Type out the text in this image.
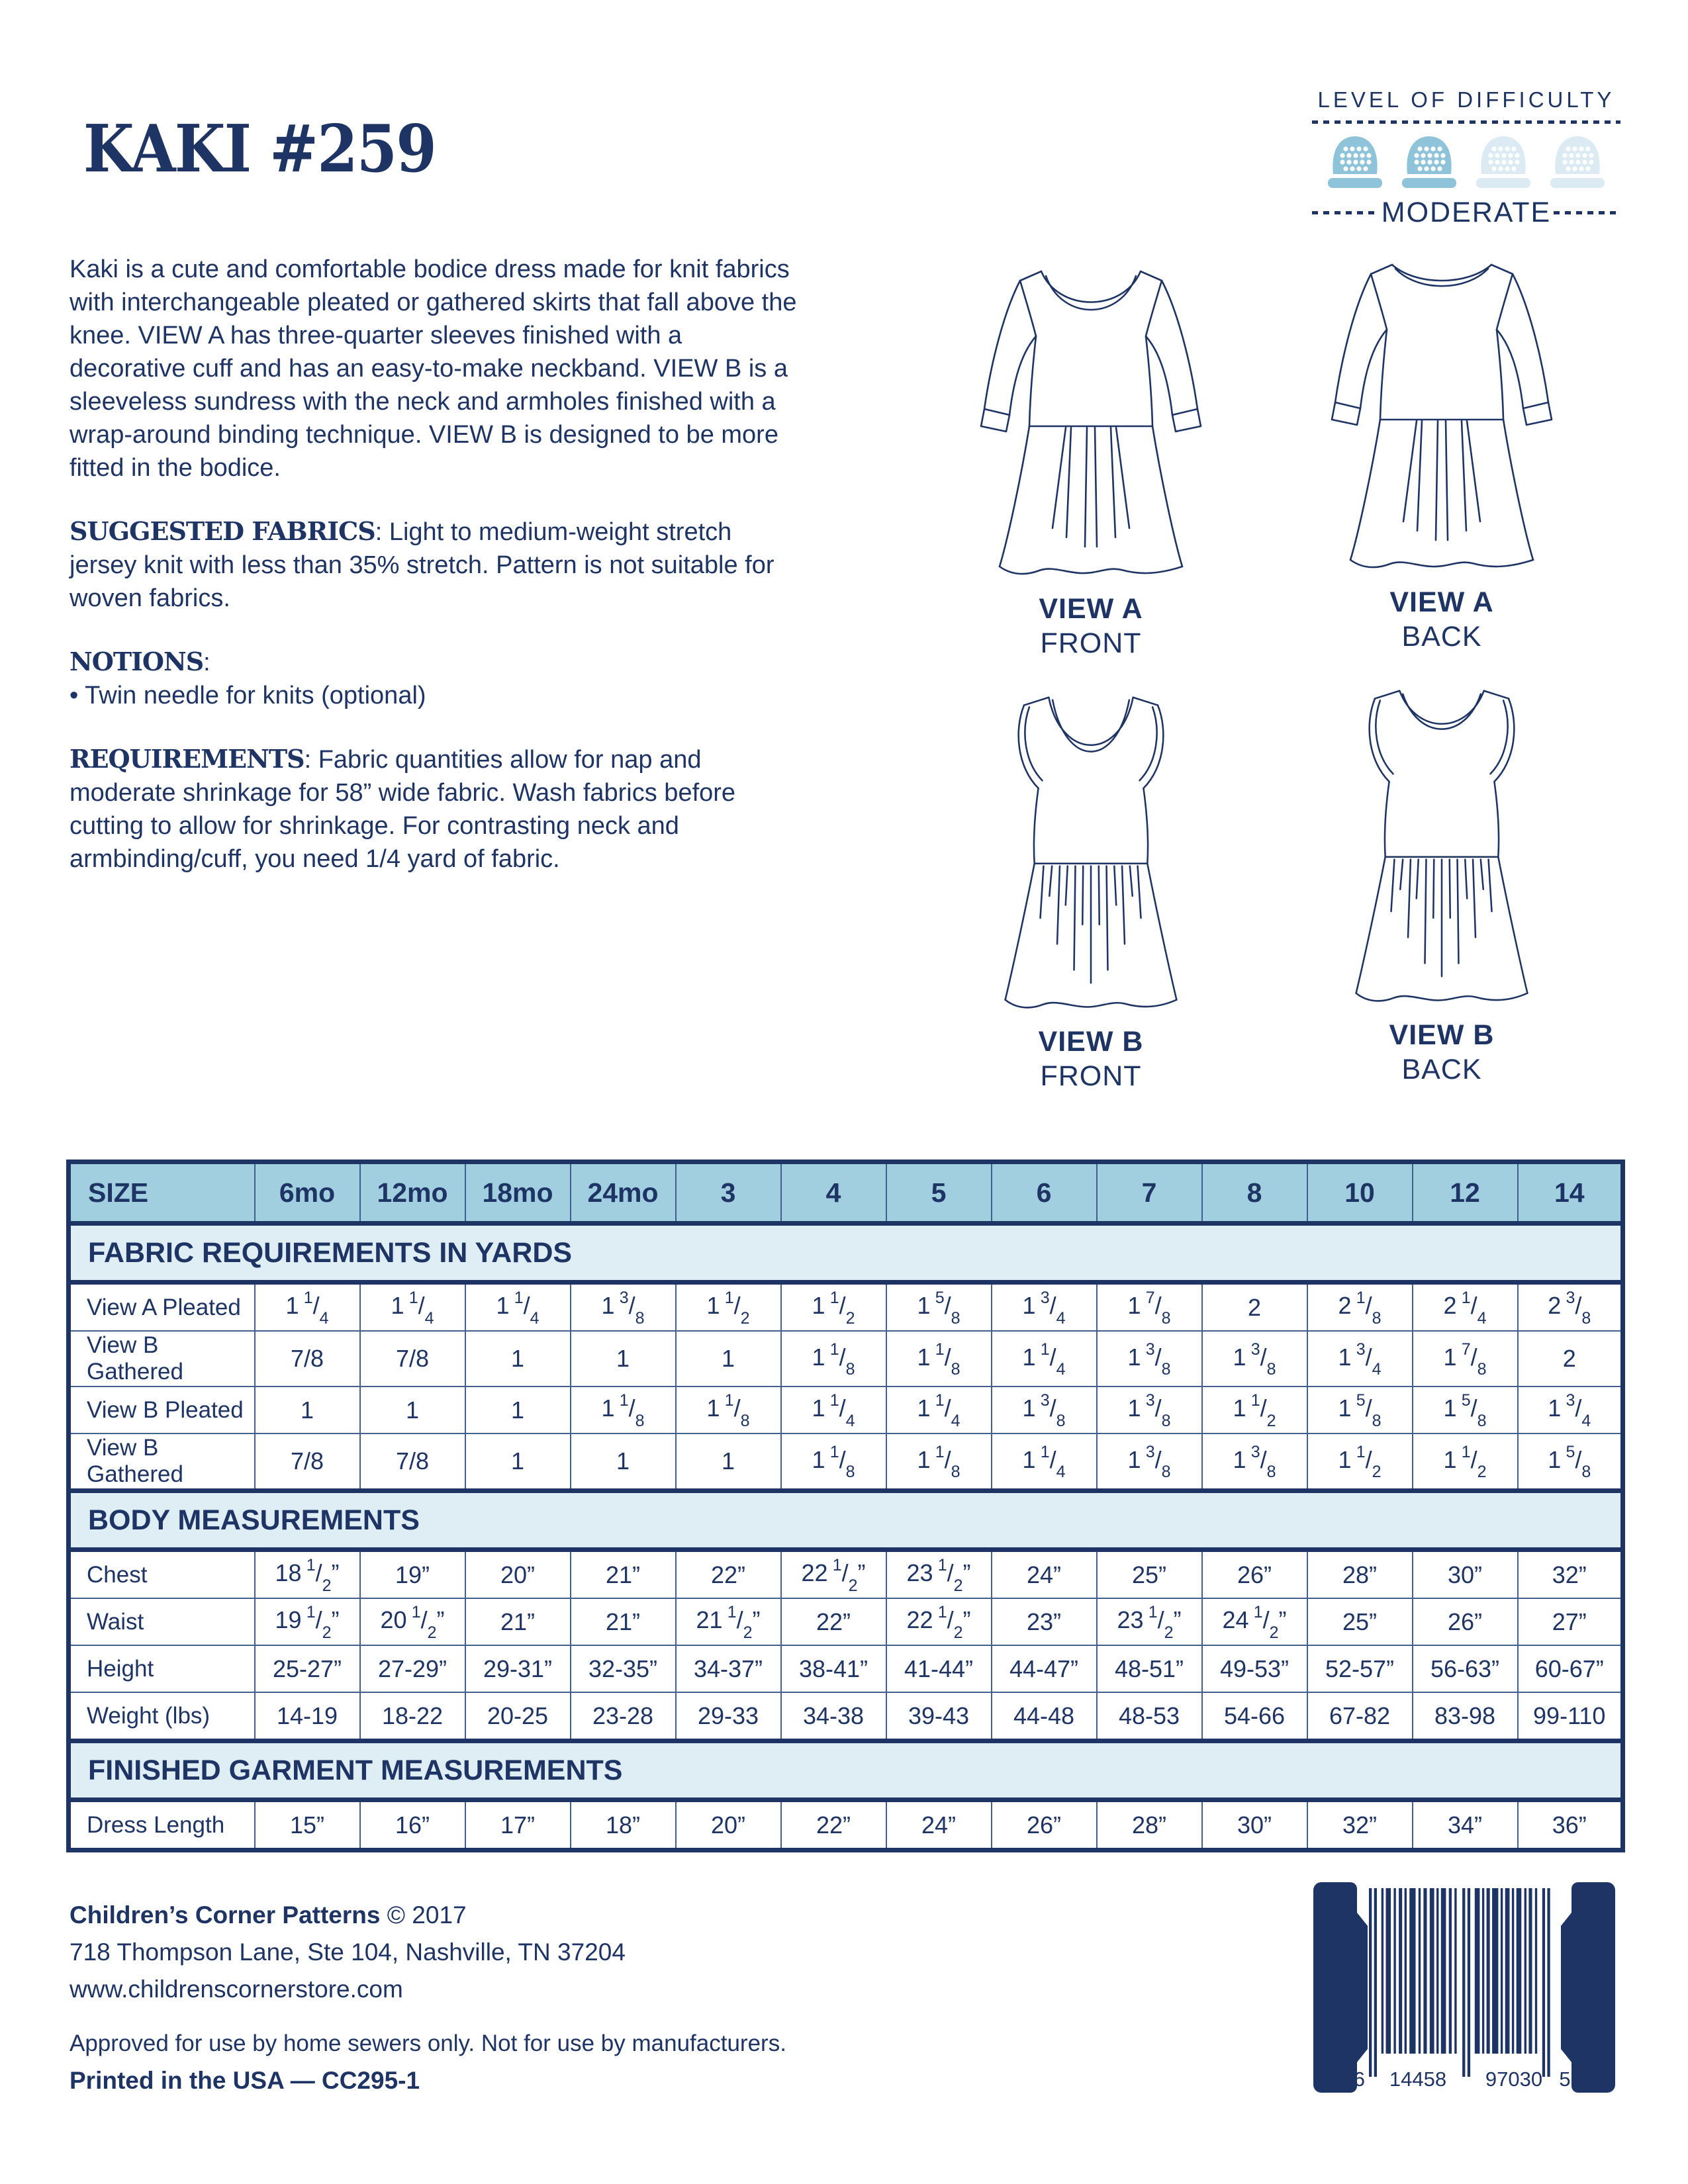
KAKI #259
LEVEL OF DIFFICULTY
MODERATE

Kaki is a cute and comfortable bodice dress made for knit fabrics with interchangeable pleated or gathered skirts that fall above the knee. VIEW A has three-quarter sleeves finished with a decorative cuff and has an easy-to-make neckband. VIEW B is a sleeveless sundress with the neck and armholes finished with a wrap-around binding technique. VIEW B is designed to be more fitted in the bodice.

SUGGESTED FABRICS: Light to medium-weight stretch jersey knit with less than 35% stretch. Pattern is not suitable for woven fabrics.

NOTIONS:

• Twin needle for knits (optional)

REQUIREMENTS: Fabric quantities allow for nap and moderate shrinkage for 58” wide fabric. Wash fabrics before cutting to allow for shrinkage. For contrasting neck and armbinding/cuff, you need 1/4 yard of fabric.

VIEW A
FRONT
VIEW A
BACK
VIEW B
FRONT
VIEW B
BACK
SIZE	6mo	12mo	18mo	24mo	3	4	5	6	7	8	10	12	14
FABRIC REQUIREMENTS IN YARDS													
View A Pleated	1 $^1/_4$	1 $^1/_4$	1 $^1/_4$	1 $^3/_8$	1 $^1/_2$	1 $^1/_2$	1 $^5/_8$	1 $^3/_4$	1 $^7/_8$	2	2 $^1/_8$	2 $^1/_4$	2 $^3/_8$
View B Gathered	7/8	7/8	1	1	1	1 $^1/_8$	1 $^1/_8$	1 $^1/_4$	1 $^3/_8$	1 $^3/_8$	1 $^3/_4$	1 $^7/_8$	2
View B Pleated	1	1	1	1 $^1/_8$	1 $^1/_8$	1 $^1/_4$	1 $^1/_4$	1 $^3/_8$	1 $^3/_8$	1 $^1/_2$	1 $^5/_8$	1 $^5/_8$	1 $^3/_4$
View B Gathered	7/8	7/8	1	1	1	1 $^1/_8$	1 $^1/_8$	1 $^1/_4$	1 $^3/_8$	1 $^3/_8$	1 $^1/_2$	1 $^1/_2$	1 $^5/_8$
BODY MEASUREMENTS													
Chest	18 $^1/_2$”	19”	20”	21”	22”	22 $^1/_2$”	23 $^1/_2$”	24”	25”	26”	28”	30”	32”
Waist	19 $^1/_2$”	20 $^1/_2$”	21”	21”	21 $^1/_2$”	22”	22 $^1/_2$”	23”	23 $^1/_2$”	24 $^1/_2$”	25”	26”	27”
Height	25-27”	27-29”	29-31”	32-35”	34-37”	38-41”	41-44”	44-47”	48-51”	49-53”	52-57”	56-63”	60-67”
Weight (lbs)	14-19	18-22	20-25	23-28	29-33	34-38	39-43	44-48	48-53	54-66	67-82	83-98	99-110
FINISHED GARMENT MEASUREMENTS													
Dress Length	15”	16”	17”	18”	20”	22”	24”	26”	28”	30”	32”	34”	36”
Children’s Corner Patterns © 2017
718 Thompson Lane, Ste 104, Nashville, TN 37204
www.childrenscornerstore.com
Approved for use by home sewers only. Not for use by manufacturers.
Printed in the USA — CC295-1	6 14458 97030 5
